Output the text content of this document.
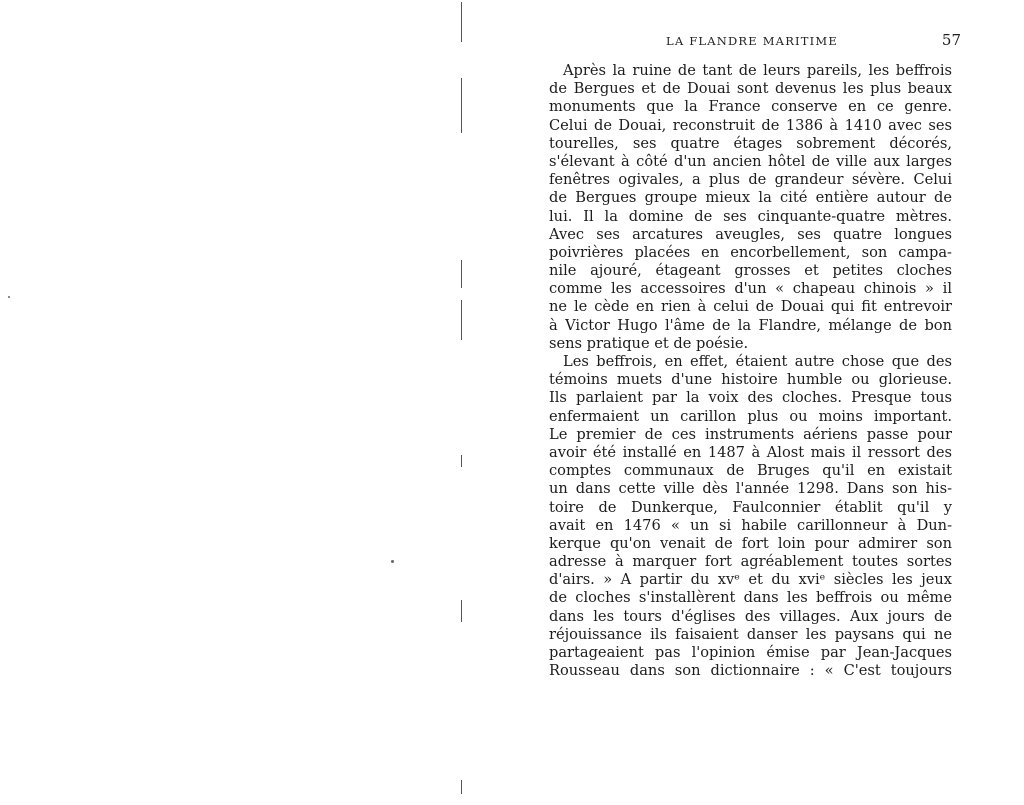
LA FLANDRE MARITIME	57
Après la ruine de tant de leurs pareils, les beffrois
de Bergues et de Douai sont devenus les plus beaux
monuments que la France conserve en ce genre.
Celui de Douai, reconstruit de 1386 à 1410 avec ses
tourelles, ses quatre étages sobrement décorés,
s'élevant à côté d'un ancien hôtel de ville aux larges
fenêtres ogivales, a plus de grandeur sévère. Celui
de Bergues groupe mieux la cité entière autour de
lui. Il la domine de ses cinquante-quatre mètres.
Avec ses arcatures aveugles, ses quatre longues
poivrières placées en encorbellement, son campa-
nile ajouré, étageant grosses et petites cloches
comme les accessoires d'un « chapeau chinois » il
ne le cède en rien à celui de Douai qui fit entrevoir
à Victor Hugo l'âme de la Flandre, mélange de bon
sens pratique et de poésie.
Les beffrois, en effet, étaient autre chose que des
témoins muets d'une histoire humble ou glorieuse.
Ils parlaient par la voix des cloches. Presque tous
enfermaient un carillon plus ou moins important.
Le premier de ces instruments aériens passe pour
avoir été installé en 1487 à Alost mais il ressort des
comptes communaux de Bruges qu'il en existait
un dans cette ville dès l'année 1298. Dans son his-
toire de Dunkerque, Faulconnier établit qu'il y
avait en 1476 « un si habile carillonneur à Dun-
kerque qu'on venait de fort loin pour admirer son
adresse à marquer fort agréablement toutes sortes
d'airs. » A partir du xvᵉ et du xviᵉ siècles les jeux
de cloches s'installèrent dans les beffrois ou même
dans les tours d'églises des villages. Aux jours de
réjouissance ils faisaient danser les paysans qui ne
partageaient pas l'opinion émise par Jean-Jacques
Rousseau dans son dictionnaire : « C'est toujours
